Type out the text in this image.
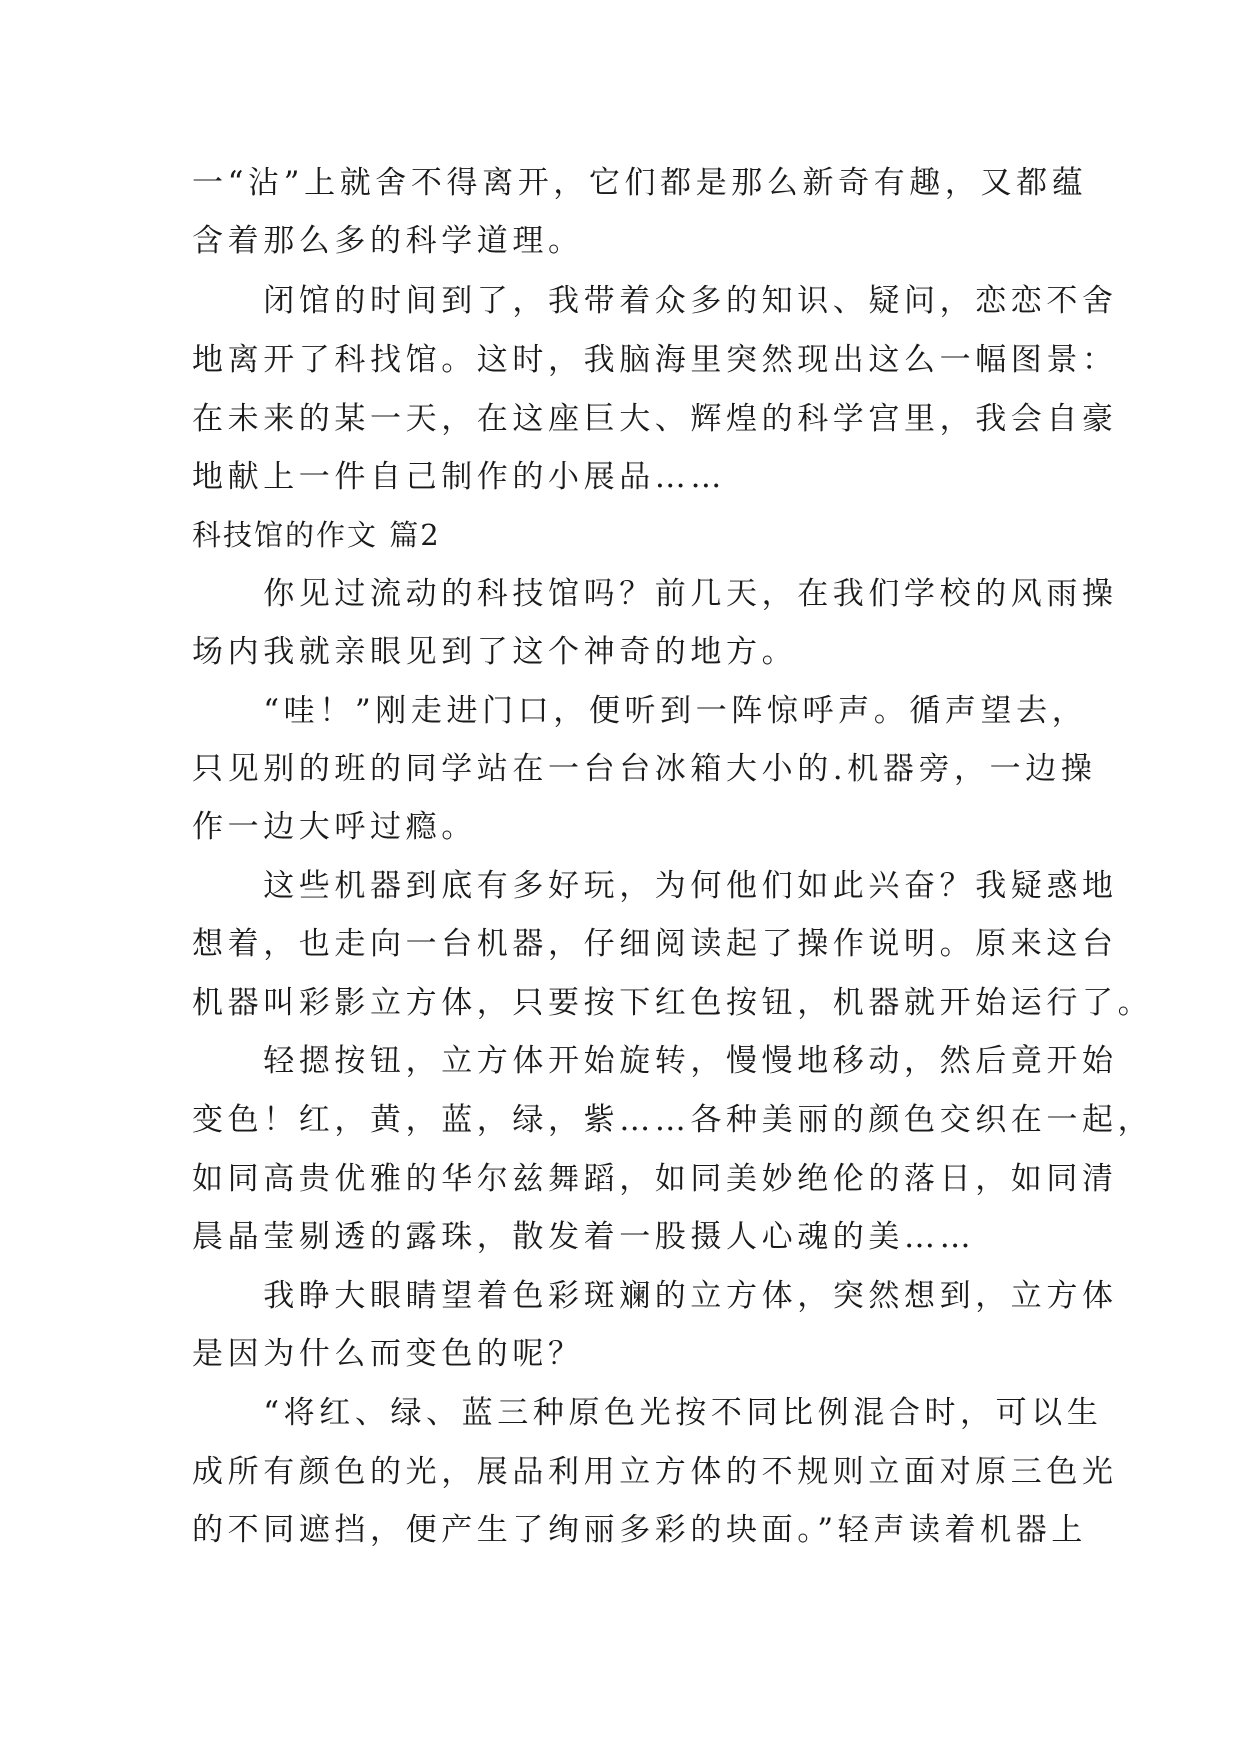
一“沾”上就舍不得离开，它们都是那么新奇有趣，又都蕴
含着那么多的科学道理。
　　闭馆的时间到了，我带着众多的知识、疑问，恋恋不舍
地离开了科找馆。这时，我脑海里突然现出这么一幅图景：
在未来的某一天，在这座巨大、辉煌的科学宫里，我会自豪
地献上一件自己制作的小展品……
科技馆的作文 篇2
　　你见过流动的科技馆吗？前几天，在我们学校的风雨操
场内我就亲眼见到了这个神奇的地方。
　　“哇！”刚走进门口，便听到一阵惊呼声。循声望去，
只见别的班的同学站在一台台冰箱大小的.机器旁，一边操
作一边大呼过瘾。
　　这些机器到底有多好玩，为何他们如此兴奋？我疑惑地
想着，也走向一台机器，仔细阅读起了操作说明。原来这台
机器叫彩影立方体，只要按下红色按钮，机器就开始运行了。
　　轻摁按钮，立方体开始旋转，慢慢地移动，然后竟开始
变色！红，黄，蓝，绿，紫……各种美丽的颜色交织在一起，
如同高贵优雅的华尔兹舞蹈，如同美妙绝伦的落日，如同清
晨晶莹剔透的露珠，散发着一股摄人心魂的美……
　　我睁大眼睛望着色彩斑斓的立方体，突然想到，立方体
是因为什么而变色的呢？
　　“将红、绿、蓝三种原色光按不同比例混合时，可以生
成所有颜色的光，展品利用立方体的不规则立面对原三色光
的不同遮挡，便产生了绚丽多彩的块面。”轻声读着机器上
